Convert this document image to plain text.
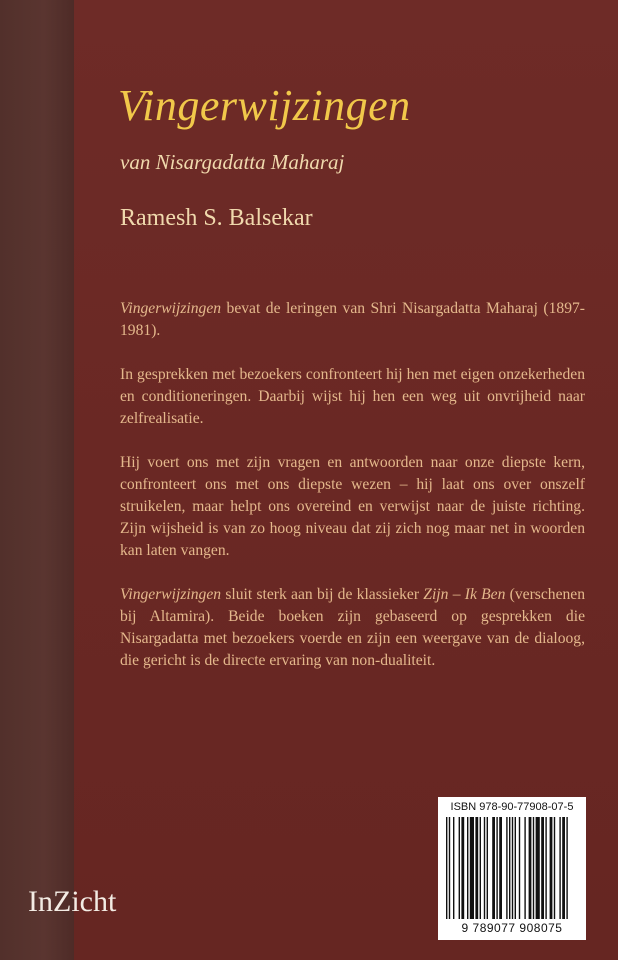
Vingerwijzingen
van Nisargadatta Maharaj
Ramesh S. Balsekar

Vingerwijzingen bevat de leringen van Shri Nisargadatta Maharaj (1897-1981).

In gesprekken met bezoekers confronteert hij hen met eigen onzekerheden en conditioneringen. Daarbij wijst hij hen een weg uit onvrijheid naar zelfrealisatie.

Hij voert ons met zijn vragen en antwoorden naar onze diepste kern, confronteert ons met ons diepste wezen – hij laat ons over onszelf struikelen, maar helpt ons overeind en verwijst naar de juiste richting. Zijn wijsheid is van zo hoog niveau dat zij zich nog maar net in woorden kan laten vangen.

Vingerwijzingen sluit sterk aan bij de klassieker Zijn – Ik Ben (verschenen bij Altamira). Beide boeken zijn gebaseerd op gesprekken die Nisargadatta met bezoekers voerde en zijn een weergave van de dialoog, die gericht is de directe ervaring van non-dualiteit.

InZicht
ISBN 978-90-77908-07-5
9 789077 908075
